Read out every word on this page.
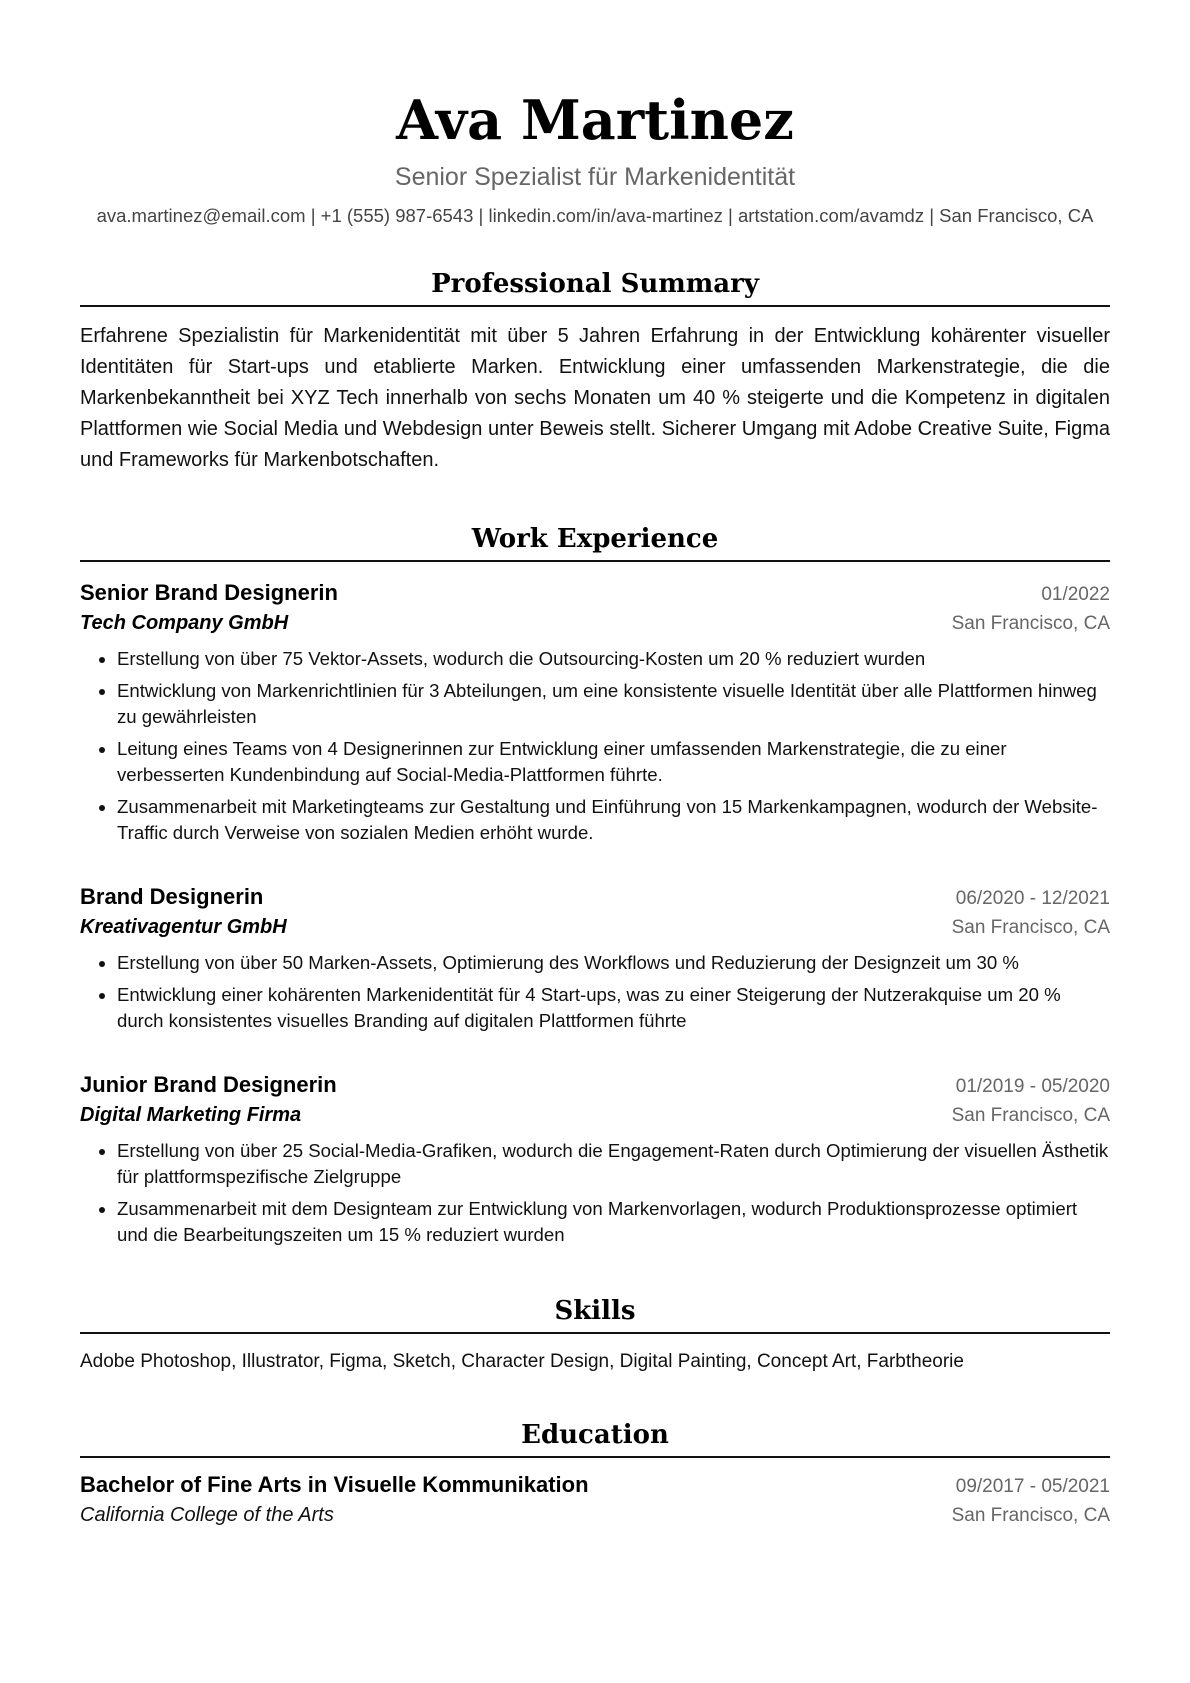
Ava Martinez
Senior Spezialist für Markenidentität
ava.martinez@email.com | +1 (555) 987-6543 | linkedin.com/in/ava-martinez | artstation.com/avamdz | San Francisco, CA
Professional Summary

Erfahrene Spezialistin für Markenidentität mit über 5 Jahren Erfahrung in der Entwicklung kohärenter visueller Identitäten für Start-ups und etablierte Marken. Entwicklung einer umfassenden Markenstrategie, die die Markenbekanntheit bei XYZ Tech innerhalb von sechs Monaten um 40 % steigerte und die Kompetenz in digitalen Plattformen wie Social Media und Webdesign unter Beweis stellt. Sicherer Umgang mit Adobe Creative Suite, Figma und Frameworks für Markenbotschaften.

Work Experience
Senior Brand Designerin	01/2022
Tech Company GmbH	San Francisco, CA
• Erstellung von über 75 Vektor-Assets, wodurch die Outsourcing-Kosten um 20 % reduziert wurden
• Entwicklung von Markenrichtlinien für 3 Abteilungen, um eine konsistente visuelle Identität über alle Plattformen hinweg zu gewährleisten
• Leitung eines Teams von 4 Designerinnen zur Entwicklung einer umfassenden Markenstrategie, die zu einer verbesserten Kundenbindung auf Social-Media-Plattformen führte.
• Zusammenarbeit mit Marketingteams zur Gestaltung und Einführung von 15 Markenkampagnen, wodurch der Website-Traffic durch Verweise von sozialen Medien erhöht wurde.
Brand Designerin	06/2020 - 12/2021
Kreativagentur GmbH	San Francisco, CA
• Erstellung von über 50 Marken-Assets, Optimierung des Workflows und Reduzierung der Designzeit um 30 %
• Entwicklung einer kohärenten Markenidentität für 4 Start-ups, was zu einer Steigerung der Nutzerakquise um 20 % durch konsistentes visuelles Branding auf digitalen Plattformen führte
Junior Brand Designerin	01/2019 - 05/2020
Digital Marketing Firma	San Francisco, CA
• Erstellung von über 25 Social-Media-Grafiken, wodurch die Engagement-Raten durch Optimierung der visuellen Ästhetik für plattformspezifische Zielgruppe
• Zusammenarbeit mit dem Designteam zur Entwicklung von Markenvorlagen, wodurch Produktionsprozesse optimiert und die Bearbeitungszeiten um 15 % reduziert wurden
Skills
Adobe Photoshop, Illustrator, Figma, Sketch, Character Design, Digital Painting, Concept Art, Farbtheorie
Education
Bachelor of Fine Arts in Visuelle Kommunikation	09/2017 - 05/2021
California College of the Arts	San Francisco, CA
